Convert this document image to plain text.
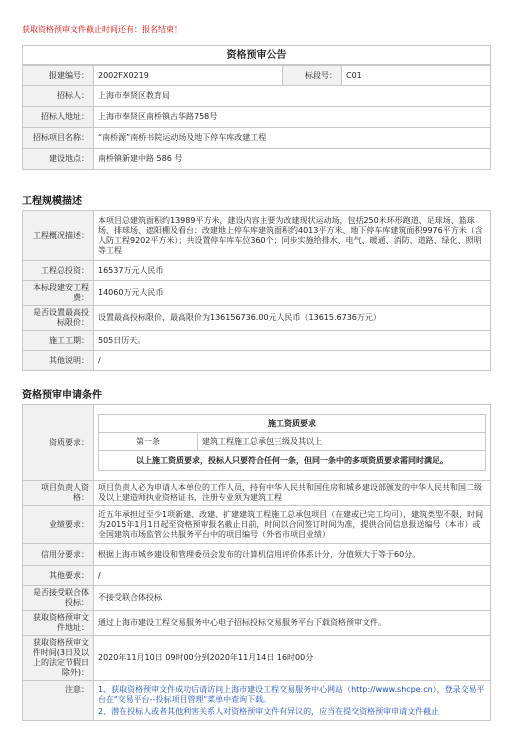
获取资格预审文件截止时间还有：报名结束！
资格预审公告
报建编号：	2002FX0219	标段号：	C01
招标人：	上海市奉贤区教育局		
招标人地址：	上海市奉贤区南桥镇古华路758号		
招标项目名称：	“南桥源”南桥书院运动场及地下停车库改建工程		
建设地点：	南桥镇新建中路 586 号		
工程规模描述
工程概况描述：	本项目总建筑面积约13989平方米，建设内容主要为改建现状运动场，包括250米环形跑道、足球场、篮球场、排球场、遮阳棚及看台；改建地上停车库建筑面积约4013平方米、地下停车库建筑面积9976平方米（含人防工程9202平方米）；共设置停车库车位360个；同步实施给排水、电气、暖通、消防、道路、绿化、照明等工程
工程总投资：	16537万元人民币
本标段建安工程费：	14060万元人民币
是否设置最高投标限价：	设置最高投标限价，最高限价为136156736.00元人民币（13615.6736万元）
施工工期：	505日历天。
其他说明：	/
资格预审申请条件
资质要求：	
施工资质要求
第一条	建筑工程施工总承包三级及其以上
以上施工资质要求，投标人只要符合任何一条，但同一条中的多项资质要求需同时满足。

项目负责人资格：	项目负责人必为申请人本单位的工作人员，持有中华人民共和国住房和城乡建设部颁发的中华人民共和国二级及以上建造师执业资格证书，注册专业须为建筑工程
业绩要求：	近五年承担过至少1项新建、改建、扩建建筑工程施工总承包项目（在建或已完工均可），建筑类型不限，时间为2015年1月1日起至资格预审报名截止日前，时间以合同签订时间为准，提供合同信息报送编号（本市）或全国建筑市场监管公共服务平台中的项目编号（外省市项目业绩）
信用分要求：	根据上海市城乡建设和管理委员会发布的计算机信用评价体系计分，分值须大于等于60分。
其他要求：	/
是否接受联合体投标：	不接受联合体投标
获取资格预审文件地址：	通过上海市建设工程交易服务中心电子招标投标交易服务平台下载资格预审文件。
获取资格预审文件时间(3日及以上的法定节假日除外)：	2020年11月10日 09时00分到2020年11月14日 16时00分
注意：	1、获取资格预审文件成功后请访问上海市建设工程交易服务中心网站（http://www.shcpe.cn），登录交易平台在"交易平台--投标项目管理"菜单中查询下载。
2、潜在投标人或者其他利害关系人对资格预审文件有异议的，应当在提交资格预审申请文件截止
